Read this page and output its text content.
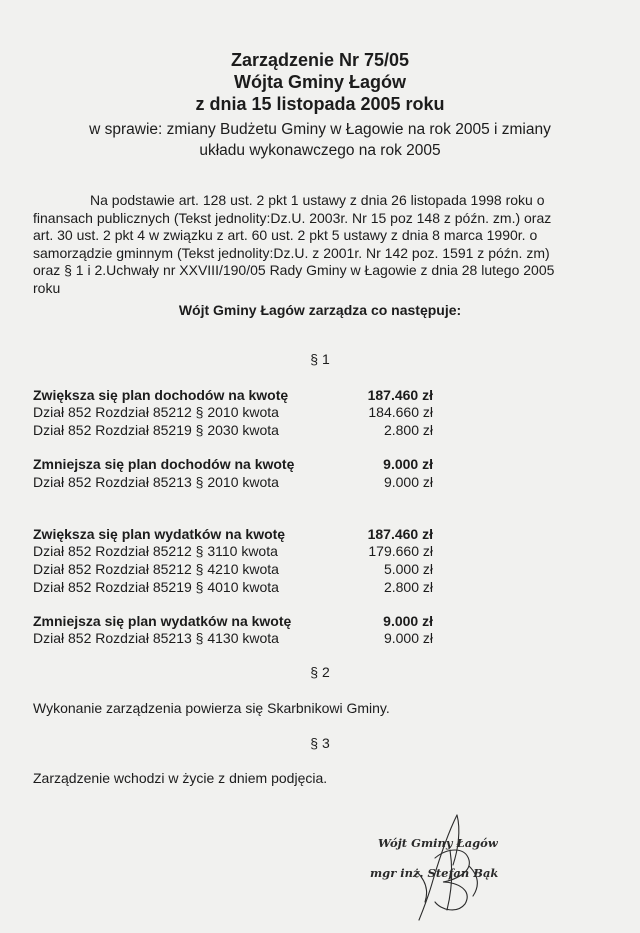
Zarządzenie Nr 75/05
Wójta Gminy Łagów
z dnia 15 listopada 2005 roku
w sprawie: zmiany Budżetu Gminy w Łagowie na rok 2005 i zmiany
układu wykonawczego na rok 2005
Na podstawie art. 128 ust. 2 pkt 1 ustawy z dnia 26 listopada 1998 roku o
finansach publicznych (Tekst jednolity:Dz.U. 2003r. Nr 15 poz 148 z późn. zm.) oraz
art. 30 ust. 2 pkt 4 w związku z art. 60 ust. 2 pkt 5 ustawy z dnia 8 marca 1990r. o
samorządzie gminnym (Tekst jednolity:Dz.U. z 2001r. Nr 142 poz. 1591 z późn. zm)
oraz § 1 i 2.Uchwały nr XXVIII/190/05 Rady Gminy w Łagowie z dnia 28 lutego 2005
roku
Wójt Gminy Łagów zarządza co następuje:
§ 1
Zwiększa się plan dochodów na kwotę	187.460 zł
Dział 852 Rozdział 85212 § 2010 kwota	184.660 zł
Dział 852 Rozdział 85219 § 2030 kwota	2.800 zł
Zmniejsza się plan dochodów na kwotę	9.000 zł
Dział 852 Rozdział 85213 § 2010 kwota	9.000 zł
Zwiększa się plan wydatków na kwotę	187.460 zł
Dział 852 Rozdział 85212 § 3110 kwota	179.660 zł
Dział 852 Rozdział 85212 § 4210 kwota	5.000 zł
Dział 852 Rozdział 85219 § 4010 kwota	2.800 zł
Zmniejsza się plan wydatków na kwotę	9.000 zł
Dział 852 Rozdział 85213 § 4130 kwota	9.000 zł
§ 2
Wykonanie zarządzenia powierza się Skarbnikowi Gminy.
§ 3
Zarządzenie wchodzi w życie z dniem podjęcia.
Wójt Gminy Łagów
mgr inż. Stefan Bąk
